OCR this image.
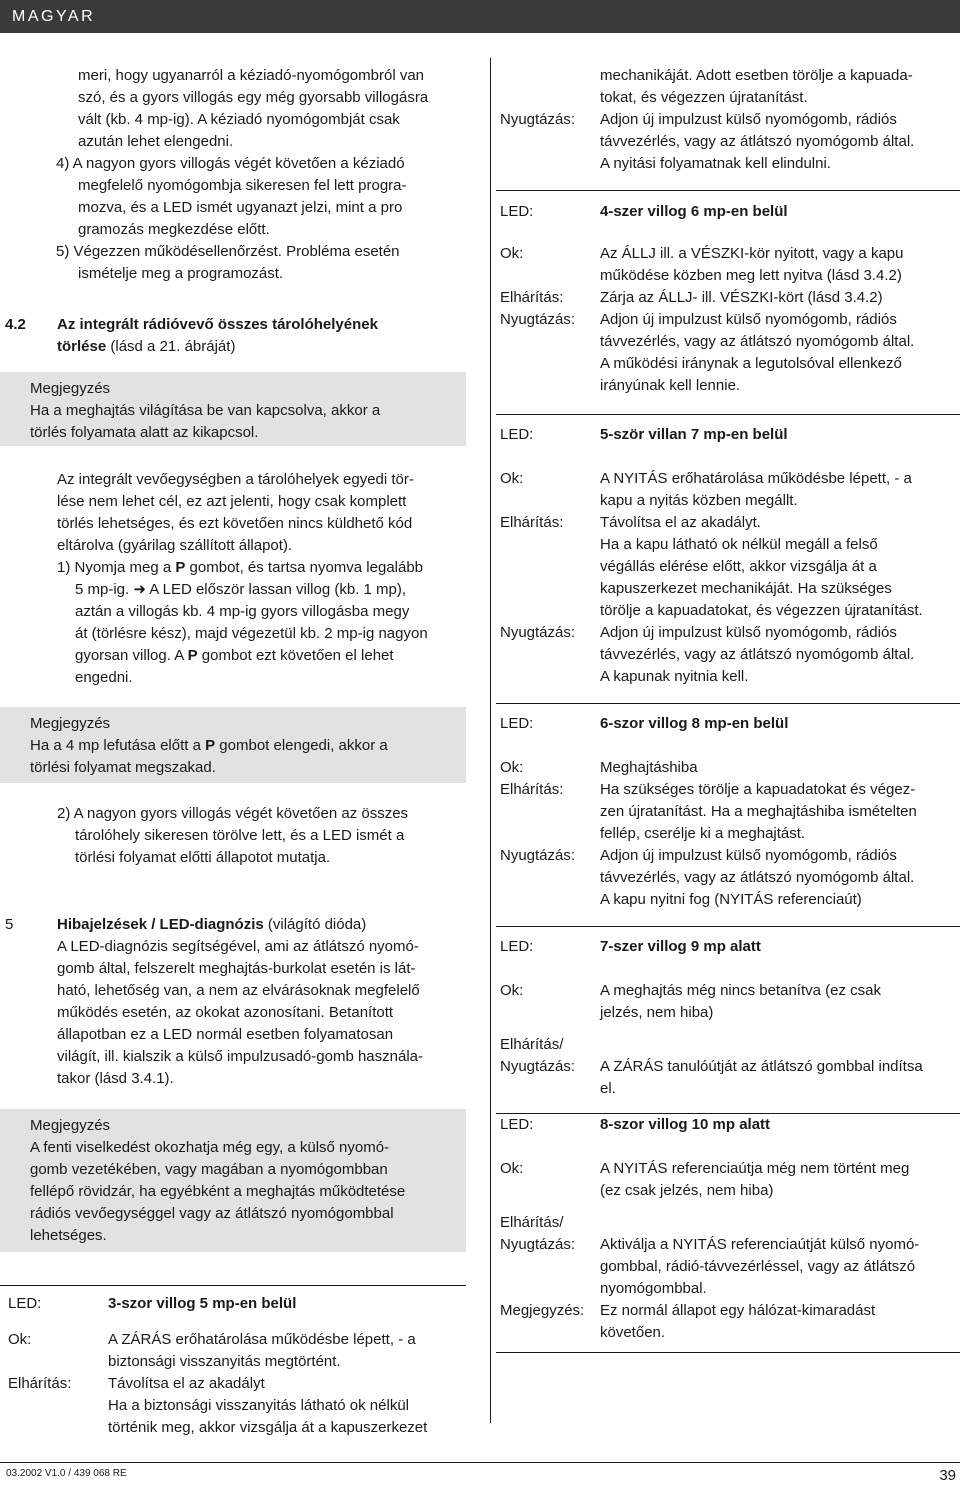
MAGYAR
meri, hogy ugyanarról a kéziadó-nyomógombról van
szó, és a gyors villogás egy még gyorsabb villogásra
vált (kb. 4 mp-ig). A kéziadó nyomógombját csak
azután lehet elengedni.
4) A nagyon gyors villogás végét követően a kéziadó
megfelelő nyomógombja sikeresen fel lett progra-
mozva, és a LED ismét ugyanazt jelzi, mint a pro
gramozás megkezdése előtt.
5) Végezzen működésellenőrzést. Probléma esetén
ismételje meg a programozást.
4.2 Az integrált rádióvevő összes tárolóhelyének
törlése (lásd a 21. ábráját)
Megjegyzés
Ha a meghajtás világítása be van kapcsolva, akkor a
törlés folyamata alatt az kikapcsol.
Az integrált vevőegységben a tárolóhelyek egyedi tör-
lése nem lehet cél, ez azt jelenti, hogy csak komplett
törlés lehetséges, és ezt követően nincs küldhető kód
eltárolva (gyárilag szállított állapot).
1) Nyomja meg a P gombot, és tartsa nyomva legalább
5 mp-ig. ➜ A LED először lassan villog (kb. 1 mp),
aztán a villogás kb. 4 mp-ig gyors villogásba megy
át (törlésre kész), majd végezetül kb. 2 mp-ig nagyon
gyorsan villog. A P gombot ezt követően el lehet
engedni.
Megjegyzés
Ha a 4 mp lefutása előtt a P gombot elengedi, akkor a
törlési folyamat megszakad.
2) A nagyon gyors villogás végét követően az összes
tárolóhely sikeresen törölve lett, és a LED ismét a
törlési folyamat előtti állapotot mutatja.
5	Hibajelzések / LED-diagnózis (világító dióda)
A LED-diagnózis segítségével, ami az átlátszó nyomó-
gomb által, felszerelt meghajtás-burkolat esetén is lát-
ható, lehetőség van, a nem az elvárásoknak megfelelő
működés esetén, az okokat azonosítani. Betanított
állapotban ez a LED normál esetben folyamatosan
világít, ill. kialszik a külső impulzusadó-gomb használa-
takor (lásd 3.4.1).
Megjegyzés
A fenti viselkedést okozhatja még egy, a külső nyomó-
gomb vezetékében, vagy magában a nyomógombban
fellépő rövidzár, ha egyébként a meghajtás működtetése
rádiós vevőegységgel vagy az átlátszó nyomógombbal
lehetséges.
LED:	3-szor villog 5 mp-en belül
Ok:	A ZÁRÁS erőhatárolása működésbe lépett, - a
biztonsági visszanyitás megtörtént.
Elhárítás: Távolítsa el az akadályt
Ha a biztonsági visszanyitás látható ok nélkül
történik meg, akkor vizsgálja át a kapuszerkezet
mechanikáját. Adott esetben törölje a kapuada-
tokat, és végezzen újratanítást.
Nyugtázás: Adjon új impulzust külső nyomógomb, rádiós
távvezérlés, vagy az átlátszó nyomógomb által.
A nyitási folyamatnak kell elindulni.
LED:	4-szer villog 6 mp-en belül
Ok:	Az ÁLLJ ill. a VÉSZKI-kör nyitott, vagy a kapu
működése közben meg lett nyitva (lásd 3.4.2)
Elhárítás: Zárja az ÁLLJ- ill. VÉSZKI-kört (lásd 3.4.2)
Nyugtázás: Adjon új impulzust külső nyomógomb, rádiós
távvezérlés, vagy az átlátszó nyomógomb által.
A működési iránynak a legutolsóval ellenkező
irányúnak kell lennie.
LED:	5-ször villan 7 mp-en belül
Ok:	A NYITÁS erőhatárolása működésbe lépett, - a
kapu a nyitás közben megállt.
Elhárítás: Távolítsa el az akadályt.
Ha a kapu látható ok nélkül megáll a felső
végállás elérése előtt, akkor vizsgálja át a
kapuszerkezet mechanikáját. Ha szükséges
törölje a kapuadatokat, és végezzen újratanítást.
Nyugtázás: Adjon új impulzust külső nyomógomb, rádiós
távvezérlés, vagy az átlátszó nyomógomb által.
A kapunak nyitnia kell.
LED:	6-szor villog 8 mp-en belül
Ok:	Meghajtáshiba
Elhárítás: Ha szükséges törölje a kapuadatokat és végez-
zen újratanítást. Ha a meghajtáshiba ismételten
fellép, cserélje ki a meghajtást.
Nyugtázás: Adjon új impulzust külső nyomógomb, rádiós
távvezérlés, vagy az átlátszó nyomógomb által.
A kapu nyitni fog (NYITÁS referenciaút)
LED:	7-szer villog 9 mp alatt
Ok:	A meghajtás még nincs betanítva (ez csak
jelzés, nem hiba)
Elhárítás/
Nyugtázás: A ZÁRÁS tanulóútját az átlátszó gombbal indítsa
el.
LED:	8-szor villog 10 mp alatt
Ok:	A NYITÁS referenciaútja még nem történt meg
(ez csak jelzés, nem hiba)
Elhárítás/
Nyugtázás: Aktiválja a NYITÁS referenciaútját külső nyomó-
gombbal, rádió-távvezérléssel, vagy az átlátszó
nyomógombbal.
Megjegyzés: Ez normál állapot egy hálózat-kimaradást
követően.
03.2002 V1.0 / 439 068 RE	39
